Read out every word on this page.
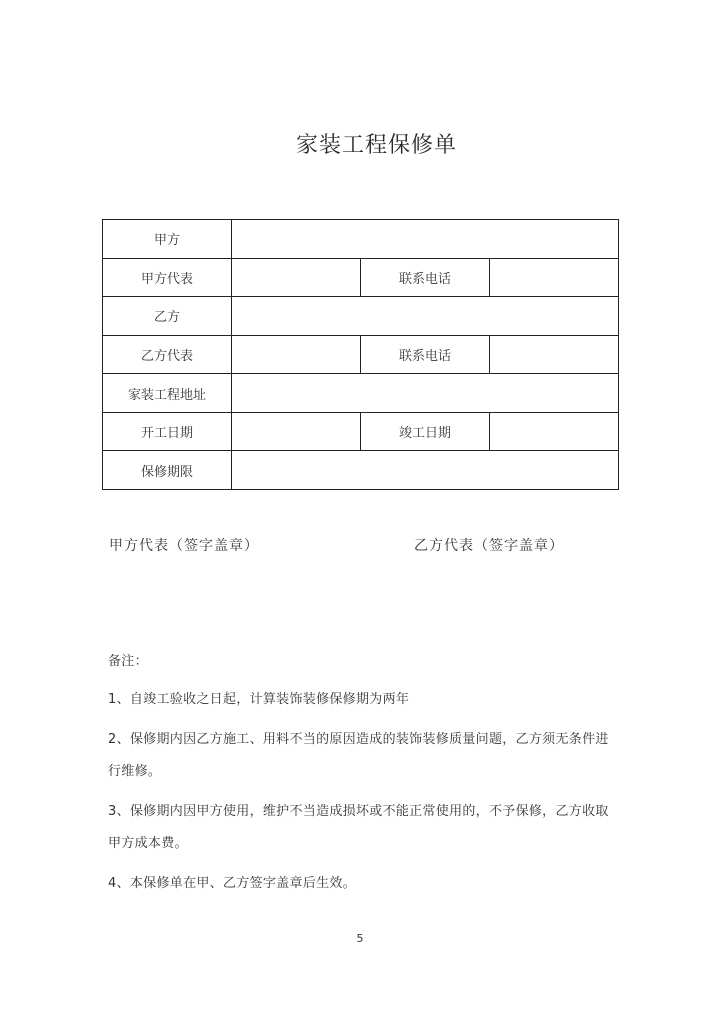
家装工程保修单
甲方			
甲方代表		联系电话	
乙方			
乙方代表		联系电话	
家装工程地址			
开工日期		竣工日期	
保修期限			
甲方代表（签字盖章）	乙方代表（签字盖章）

备注：

1、自竣工验收之日起，计算装饰装修保修期为两年

2、保修期内因乙方施工、用料不当的原因造成的装饰装修质量问题，乙方须无条件进行维修。

3、保修期内因甲方使用，维护不当造成损坏或不能正常使用的，不予保修，乙方收取甲方成本费。

4、本保修单在甲、乙方签字盖章后生效。

5
